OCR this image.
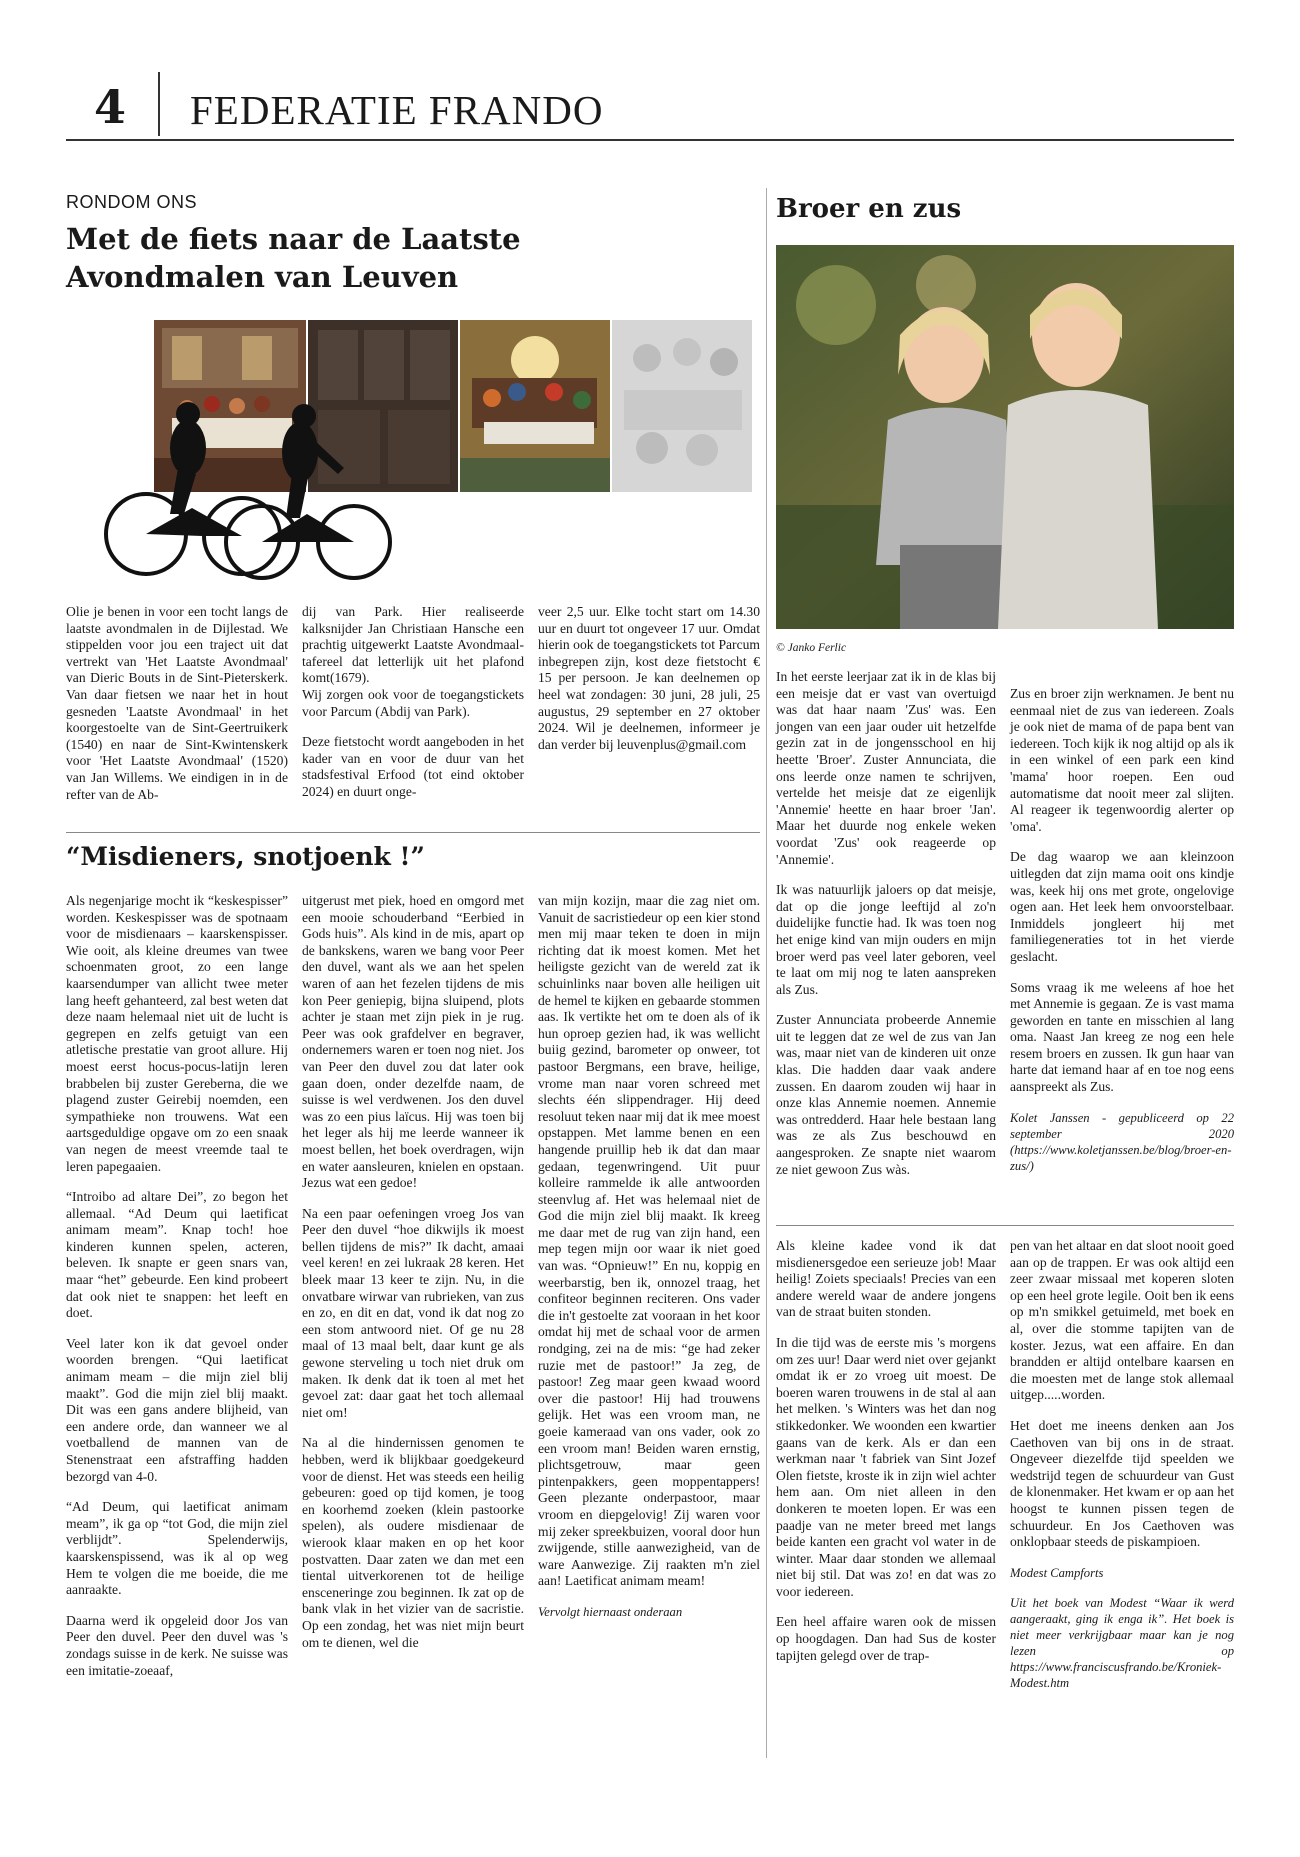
4 FEDERATIE FRANDO
RONDOM ONS
Met de fiets naar de Laatste
Avondmalen van Leuven

Olie je benen in voor een tocht langs de laatste avondmalen in de Dijlestad. We stippelden voor jou een traject uit dat vertrekt van 'Het Laatste Avondmaal' van Dieric Bouts in de Sint-Pieterskerk. Van daar fietsen we naar het in hout gesneden 'Laatste Avondmaal' in het koorgestoelte van de Sint-Geertruikerk (1540) en naar de Sint-Kwintenskerk voor 'Het Laatste Avondmaal' (1520) van Jan Willems. We eindigen in in de refter van de Ab-

dij van Park. Hier realiseerde kalksnijder Jan Christiaan Hansche een prachtig uitgewerkt Laatste Avondmaal-tafereel dat letterlijk uit het plafond komt(1679).

Wij zorgen ook voor de toegangstickets voor Parcum (Abdij van Park).

Deze fietstocht wordt aangeboden in het kader van en voor de duur van het stadsfestival Erfood (tot eind oktober 2024) en duurt onge-

veer 2,5 uur. Elke tocht start om 14.30 uur en duurt tot ongeveer 17 uur. Omdat hierin ook de toegangstickets tot Parcum inbegrepen zijn, kost deze fietstocht € 15 per persoon. Je kan deelnemen op heel wat zondagen: 30 juni, 28 juli, 25 augustus, 29 september en 27 oktober 2024. Wil je deelnemen, informeer je dan verder bij leuvenplus@gmail.com

Broer en zus
© Janko Ferlic

In het eerste leerjaar zat ik in de klas bij een meisje dat er vast van overtuigd was dat haar naam 'Zus' was. Een jongen van een jaar ouder uit hetzelfde gezin zat in de jongensschool en hij heette 'Broer'. Zuster Annunciata, die ons leerde onze namen te schrijven, vertelde het meisje dat ze eigenlijk 'Annemie' heette en haar broer 'Jan'. Maar het duurde nog enkele weken voordat 'Zus' ook reageerde op 'Annemie'.

Ik was natuurlijk jaloers op dat meisje, dat op die jonge leeftijd al zo'n duidelijke functie had. Ik was toen nog het enige kind van mijn ouders en mijn broer werd pas veel later geboren, veel te laat om mij nog te laten aanspreken als Zus.

Zuster Annunciata probeerde Annemie uit te leggen dat ze wel de zus van Jan was, maar niet van de kinderen uit onze klas. Die hadden daar vaak andere zussen. En daarom zouden wij haar in onze klas Annemie noemen. Annemie was ontredderd. Haar hele bestaan lang was ze als Zus beschouwd en aangesproken. Ze snapte niet waarom ze niet gewoon Zus wàs.

Zus en broer zijn werknamen. Je bent nu eenmaal niet de zus van iedereen. Zoals je ook niet de mama of de papa bent van iedereen. Toch kijk ik nog altijd op als ik in een winkel of een park een kind 'mama' hoor roepen. Een oud automatisme dat nooit meer zal slijten. Al reageer ik tegenwoordig alerter op 'oma'.

De dag waarop we aan kleinzoon uitlegden dat zijn mama ooit ons kindje was, keek hij ons met grote, ongelovige ogen aan. Het leek hem onvoorstelbaar. Inmiddels jongleert hij met familiegeneraties tot in het vierde geslacht.

Soms vraag ik me weleens af hoe het met Annemie is gegaan. Ze is vast mama geworden en tante en misschien al lang oma. Naast Jan kreeg ze nog een hele resem broers en zussen. Ik gun haar van harte dat iemand haar af en toe nog eens aanspreekt als Zus.

Kolet Janssen - gepubliceerd op 22 september 2020 (https://www.koletjanssen.be/blog/broer-en-zus/)

“Misdieners, snotjoenk !”

Als negenjarige mocht ik “keskespisser” worden. Keskespisser was de spotnaam voor de misdienaars – kaarskenspisser. Wie ooit, als kleine dreumes van twee schoenmaten groot, zo een lange kaarsendumper van allicht twee meter lang heeft gehanteerd, zal best weten dat deze naam helemaal niet uit de lucht is gegrepen en zelfs getuigt van een atletische prestatie van groot allure. Hij moest eerst hocus-pocus-latijn leren brabbelen bij zuster Gereberna, die we plagend zuster Geirebij noemden, een sympathieke non trouwens. Wat een aartsgeduldige opgave om zo een snaak van negen de meest vreemde taal te leren papegaaien.

“Introibo ad altare Dei”, zo begon het allemaal. “Ad Deum qui laetificat animam meam”. Knap toch! hoe kinderen kunnen spelen, acteren, beleven. Ik snapte er geen snars van, maar “het” gebeurde. Een kind probeert dat ook niet te snappen: het leeft en doet.

Veel later kon ik dat gevoel onder woorden brengen. “Qui laetificat animam meam – die mijn ziel blij maakt”. God die mijn ziel blij maakt. Dit was een gans andere blijheid, van een andere orde, dan wanneer we al voetballend de mannen van de Stenenstraat een afstraffing hadden bezorgd van 4-0.

“Ad Deum, qui laetificat animam meam”, ik ga op “tot God, die mijn ziel verblijdt”. Spelenderwijs, kaarskenspissend, was ik al op weg Hem te volgen die me boeide, die me aanraakte.

Daarna werd ik opgeleid door Jos van Peer den duvel. Peer den duvel was 's zondags suisse in de kerk. Ne suisse was een imitatie-zoeaaf,

uitgerust met piek, hoed en omgord met een mooie schouderband “Eerbied in Gods huis”. Als kind in de mis, apart op de bankskens, waren we bang voor Peer den duvel, want als we aan het spelen waren of aan het fezelen tijdens de mis kon Peer geniepig, bijna sluipend, plots achter je staan met zijn piek in je rug. Peer was ook grafdelver en begraver, ondernemers waren er toen nog niet. Jos van Peer den duvel zou dat later ook gaan doen, onder dezelfde naam, de suisse is wel verdwenen. Jos den duvel was zo een pius laïcus. Hij was toen bij het leger als hij me leerde wanneer ik moest bellen, het boek overdragen, wijn en water aansleuren, knielen en opstaan. Jezus wat een gedoe!

Na een paar oefeningen vroeg Jos van Peer den duvel “hoe dikwijls ik moest bellen tijdens de mis?” Ik dacht, amaai veel keren! en zei lukraak 28 keren. Het bleek maar 13 keer te zijn. Nu, in die onvatbare wirwar van rubrieken, van zus en zo, en dit en dat, vond ik dat nog zo een stom antwoord niet. Of ge nu 28 maal of 13 maal belt, daar kunt ge als gewone sterveling u toch niet druk om maken. Ik denk dat ik toen al met het gevoel zat: daar gaat het toch allemaal niet om!

Na al die hindernissen genomen te hebben, werd ik blijkbaar goedgekeurd voor de dienst. Het was steeds een heilig gebeuren: goed op tijd komen, je toog en koorhemd zoeken (klein pastoorke spelen), als oudere misdienaar de wierook klaar maken en op het koor postvatten. Daar zaten we dan met een tiental uitverkorenen tot de heilige ensceneringe zou beginnen. Ik zat op de bank vlak in het vizier van de sacristie. Op een zondag, het was niet mijn beurt om te dienen, wel die

van mijn kozijn, maar die zag niet om. Vanuit de sacristiedeur op een kier stond men mij maar teken te doen in mijn richting dat ik moest komen. Met het heiligste gezicht van de wereld zat ik schuinlinks naar boven alle heiligen uit de hemel te kijken en gebaarde stommen aas. Ik vertikte het om te doen als of ik hun oproep gezien had, ik was wellicht buiig gezind, barometer op onweer, tot pastoor Bergmans, een brave, heilige, vrome man naar voren schreed met slechts één slippendrager. Hij deed resoluut teken naar mij dat ik mee moest opstappen. Met lamme benen en een hangende pruillip heb ik dat dan maar gedaan, tegenwringend. Uit puur kolleire rammelde ik alle antwoorden steenvlug af. Het was helemaal niet de God die mijn ziel blij maakt. Ik kreeg me daar met de rug van zijn hand, een mep tegen mijn oor waar ik niet goed van was. “Opnieuw!” En nu, koppig en weerbarstig, ben ik, onnozel traag, het confiteor beginnen reciteren. Ons vader die in't gestoelte zat vooraan in het koor omdat hij met de schaal voor de armen rondging, zei na de mis: “ge had zeker ruzie met de pastoor!” Ja zeg, de pastoor! Zeg maar geen kwaad woord over die pastoor! Hij had trouwens gelijk. Het was een vroom man, ne goeie kameraad van ons vader, ook zo een vroom man! Beiden waren ernstig, plichtsgetrouw, maar geen pintenpakkers, geen moppentappers! Geen plezante onderpastoor, maar vroom en diepgelovig! Zij waren voor mij zeker spreekbuizen, vooral door hun zwijgende, stille aanwezigheid, van de ware Aanwezige. Zij raakten m'n ziel aan! Laetificat animam meam!

Vervolgt hiernaast onderaan

Als kleine kadee vond ik dat misdienersgedoe een serieuze job! Maar heilig! Zoiets speciaals! Precies van een andere wereld waar de andere jongens van de straat buiten stonden.

In die tijd was de eerste mis 's morgens om zes uur! Daar werd niet over gejankt omdat ik er zo vroeg uit moest. De boeren waren trouwens in de stal al aan het melken. 's Winters was het dan nog stikkedonker. We woonden een kwartier gaans van de kerk. Als er dan een werkman naar 't fabriek van Sint Jozef Olen fietste, kroste ik in zijn wiel achter hem aan. Om niet alleen in den donkeren te moeten lopen. Er was een paadje van ne meter breed met langs beide kanten een gracht vol water in de winter. Maar daar stonden we allemaal niet bij stil. Dat was zo! en dat was zo voor iedereen.

Een heel affaire waren ook de missen op hoogdagen. Dan had Sus de koster tapijten gelegd over de trap-

pen van het altaar en dat sloot nooit goed aan op de trappen. Er was ook altijd een zeer zwaar missaal met koperen sloten op een heel grote legile. Ooit ben ik eens op m'n smikkel getuimeld, met boek en al, over die stomme tapijten van de koster. Jezus, wat een affaire. En dan brandden er altijd ontelbare kaarsen en die moesten met de lange stok allemaal uitgep.....worden.

Het doet me ineens denken aan Jos Caethoven van bij ons in de straat. Ongeveer diezelfde tijd speelden we wedstrijd tegen de schuurdeur van Gust de klonenmaker. Het kwam er op aan het hoogst te kunnen pissen tegen de schuurdeur. En Jos Caethoven was onklopbaar steeds de piskampioen.

Modest Campforts

Uit het boek van Modest “Waar ik werd aangeraakt, ging ik enga ik”. Het boek is niet meer verkrijgbaar maar kan je nog lezen op https://www.franciscusfrando.be/Kroniek-Modest.htm
